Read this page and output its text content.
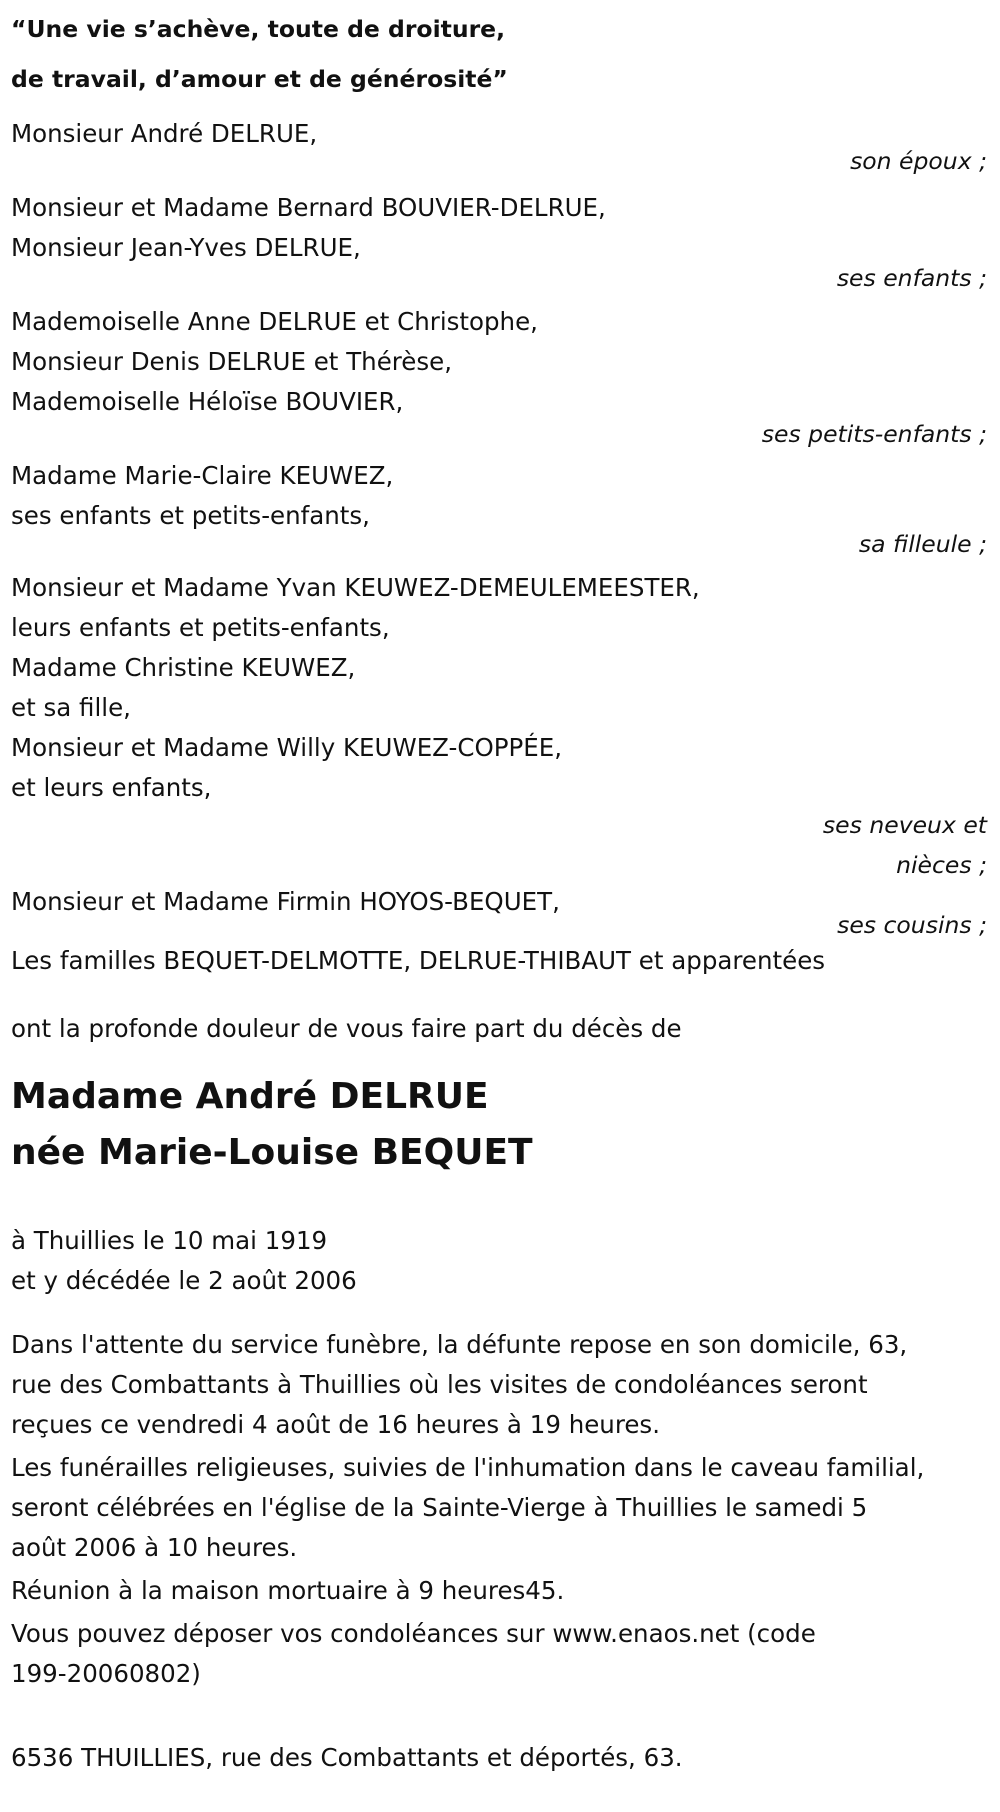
“Une vie s’achève, toute de droiture,
de travail, d’amour et de générosité”
Monsieur André DELRUE,
son époux ;
Monsieur et Madame Bernard BOUVIER-DELRUE,
Monsieur Jean-Yves DELRUE,
ses enfants ;
Mademoiselle Anne DELRUE et Christophe,
Monsieur Denis DELRUE et Thérèse,
Mademoiselle Héloïse BOUVIER,
ses petits-enfants ;
Madame Marie-Claire KEUWEZ,
ses enfants et petits-enfants,
sa filleule ;
Monsieur et Madame Yvan KEUWEZ-DEMEULEMEESTER,
leurs enfants et petits-enfants,
Madame Christine KEUWEZ,
et sa fille,
Monsieur et Madame Willy KEUWEZ-COPPÉE,
et leurs enfants,
ses neveux et
nièces ;
Monsieur et Madame Firmin HOYOS-BEQUET,
ses cousins ;
Les familles BEQUET-DELMOTTE, DELRUE-THIBAUT et apparentées

ont la profonde douleur de vous faire part du décès de

Madame André DELRUE

née Marie-Louise BEQUET

à Thuillies le 10 mai 1919
et y décédée le 2 août 2006
Dans l'attente du service funèbre, la défunte repose en son domicile, 63,
rue des Combattants à Thuillies où les visites de condoléances seront
reçues ce vendredi 4 août de 16 heures à 19 heures.
Les funérailles religieuses, suivies de l'inhumation dans le caveau familial,
seront célébrées en l'église de la Sainte-Vierge à Thuillies le samedi 5
août 2006 à 10 heures.
Réunion à la maison mortuaire à 9 heures45.
Vous pouvez déposer vos condoléances sur www.enaos.net (code
199-20060802)
6536 THUILLIES, rue des Combattants et déportés, 63.
